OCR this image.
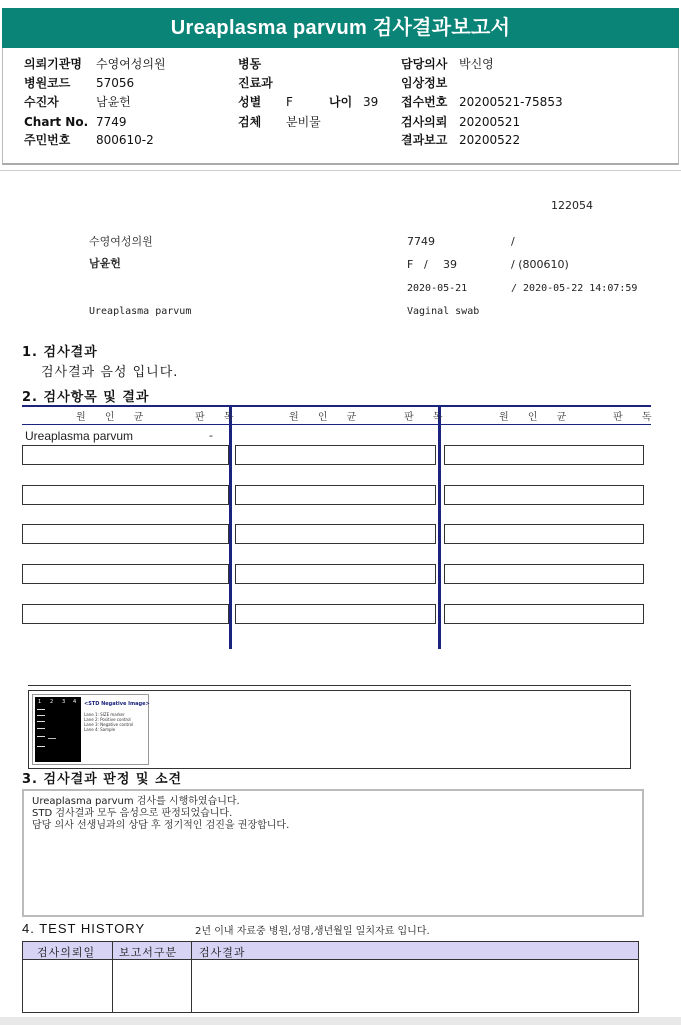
Ureaplasma parvum 검사결과보고서
의뢰기관명 수영여성의원
병원코드 57056
수진자	남윤헌
Chart No. 7749
주민번호 800610-2
병동
진료과
성별 F	나이 39
검체 분비물
담당의사 박신영
임상정보
접수번호 20200521-75853
검사의뢰 20200521
결과보고 20200522
122054
수영여성의원	7749	/
남윤헌	F / 39	/ (800610)
2020-05-21	/ 2020-05-22 14:07:59
Ureaplasma parvum	Vaginal swab
1. 검사결과
검사결과 음성 입니다.
2. 검사항목 및 결과
원 인 균	판 독	원 인 균	판 독	원 인 균	판 독
Ureaplasma parvum	-
1 2 3 4 <STD Negative Image>
Lane 1: SIZE marker
Lane 2: Positive control
Lane 3: Negative control
Lane 4: Sample
3. 검사결과 판정 및 소견
Ureaplasma parvum 검사를 시행하였습니다.
STD 검사결과 모두 음성으로 판정되었습니다.
담당 의사 선생님과의 상담 후 정기적인 검진을 권장합니다.
4. TEST HISTORY	2년 이내 자료중 병원,성명,생년월일 일치자료 입니다.
검사의뢰일 보고서구분 검사결과
